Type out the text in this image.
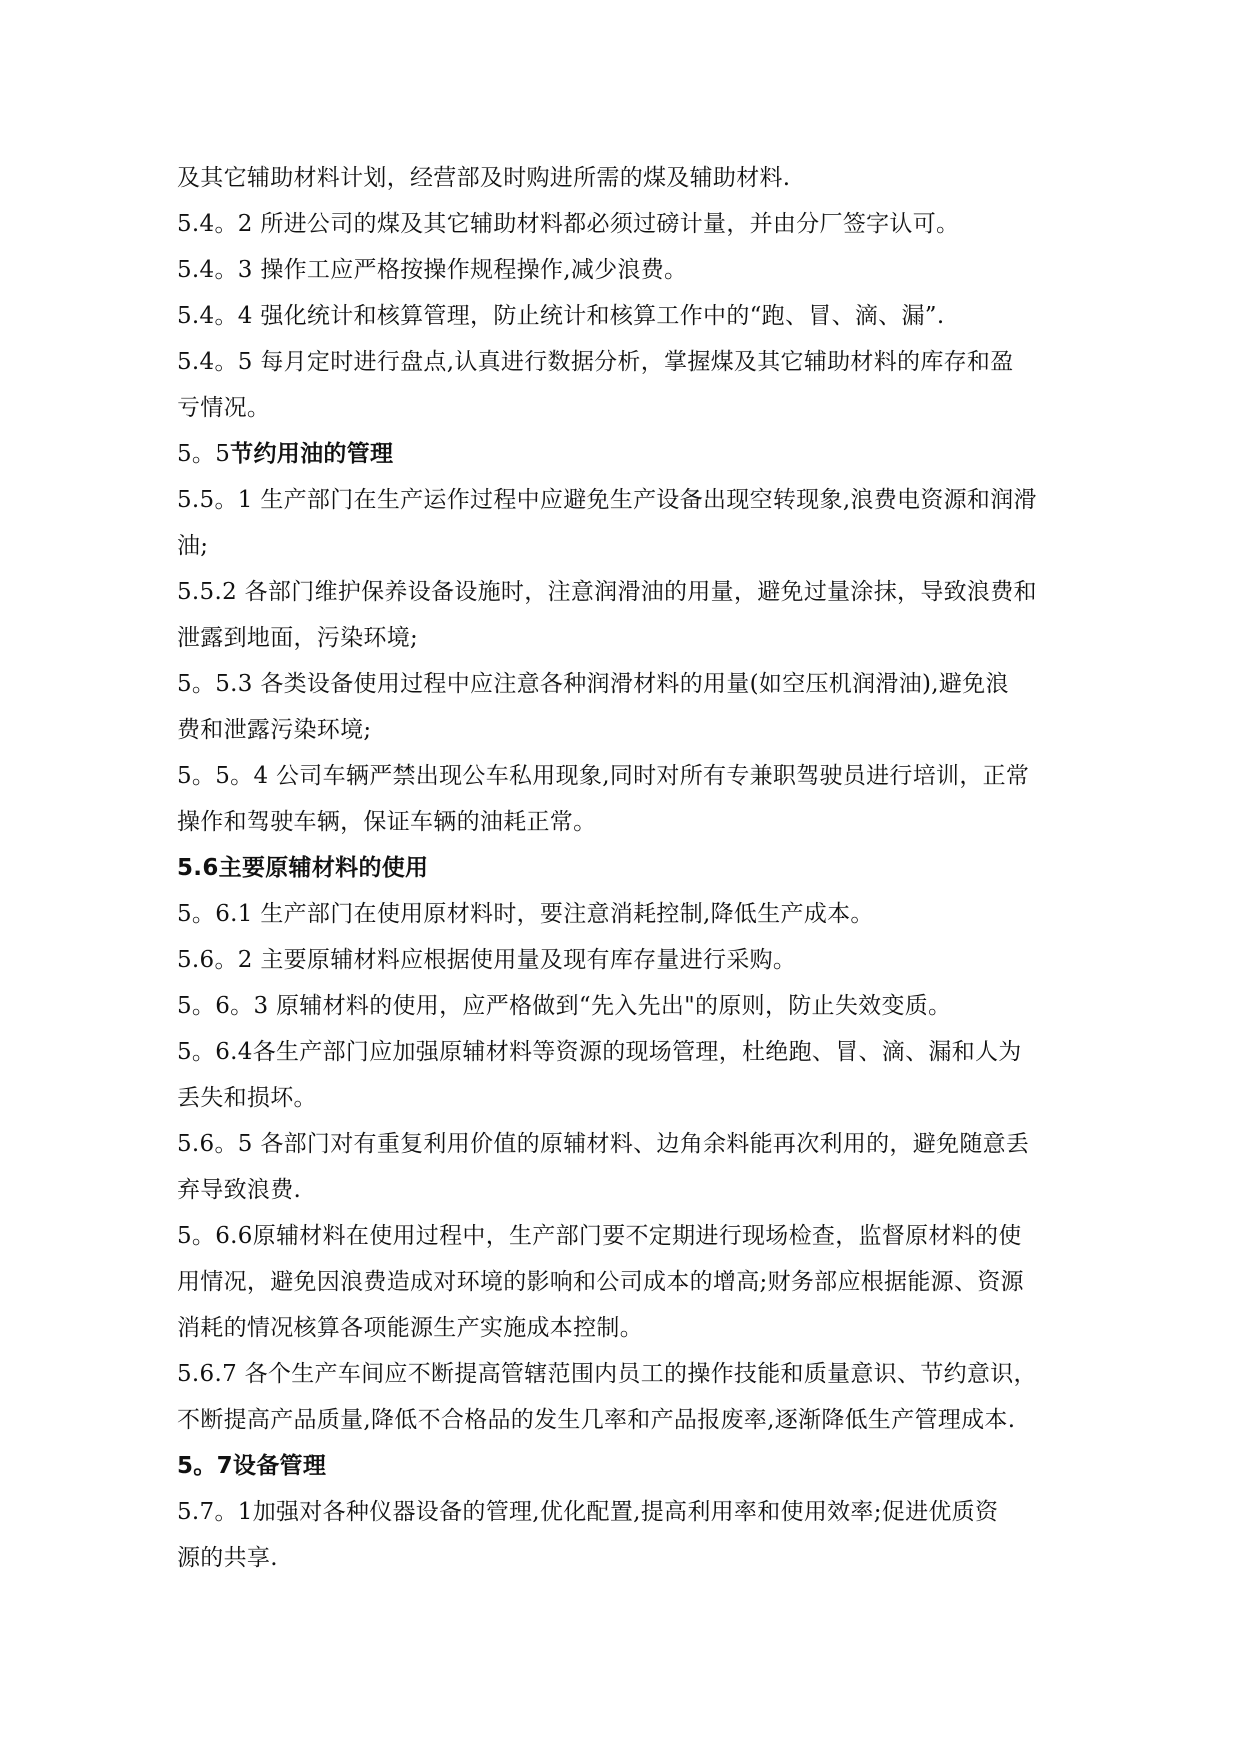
及其它辅助材料计划，经营部及时购进所需的煤及辅助材料.
5.4。2 所进公司的煤及其它辅助材料都必须过磅计量，并由分厂签字认可。
5.4。3 操作工应严格按操作规程操作,减少浪费。
5.4。4 强化统计和核算管理，防止统计和核算工作中的“跑、冒、滴、漏”.
5.4。5 每月定时进行盘点,认真进行数据分析，掌握煤及其它辅助材料的库存和盈
亏情况。
5。5节约用油的管理
5.5。1 生产部门在生产运作过程中应避免生产设备出现空转现象,浪费电资源和润滑
油;
5.5.2 各部门维护保养设备设施时，注意润滑油的用量，避免过量涂抹，导致浪费和
泄露到地面，污染环境;
5。5.3 各类设备使用过程中应注意各种润滑材料的用量(如空压机润滑油),避免浪
费和泄露污染环境;
5。5。4 公司车辆严禁出现公车私用现象,同时对所有专兼职驾驶员进行培训，正常
操作和驾驶车辆，保证车辆的油耗正常。
5.6主要原辅材料的使用
5。6.1 生产部门在使用原材料时，要注意消耗控制,降低生产成本。
5.6。2 主要原辅材料应根据使用量及现有库存量进行采购。
5。6。3 原辅材料的使用，应严格做到“先入先出"的原则，防止失效变质。
5。6.4各生产部门应加强原辅材料等资源的现场管理，杜绝跑、冒、滴、漏和人为
丢失和损坏。
5.6。5 各部门对有重复利用价值的原辅材料、边角余料能再次利用的，避免随意丢
弃导致浪费.
5。6.6原辅材料在使用过程中，生产部门要不定期进行现场检查，监督原材料的使
用情况，避免因浪费造成对环境的影响和公司成本的增高;财务部应根据能源、资源
消耗的情况核算各项能源生产实施成本控制。
5.6.7 各个生产车间应不断提高管辖范围内员工的操作技能和质量意识、节约意识，
不断提高产品质量,降低不合格品的发生几率和产品报废率,逐渐降低生产管理成本.
5。7设备管理
5.7。1加强对各种仪器设备的管理,优化配置,提高利用率和使用效率;促进优质资
源的共享.
